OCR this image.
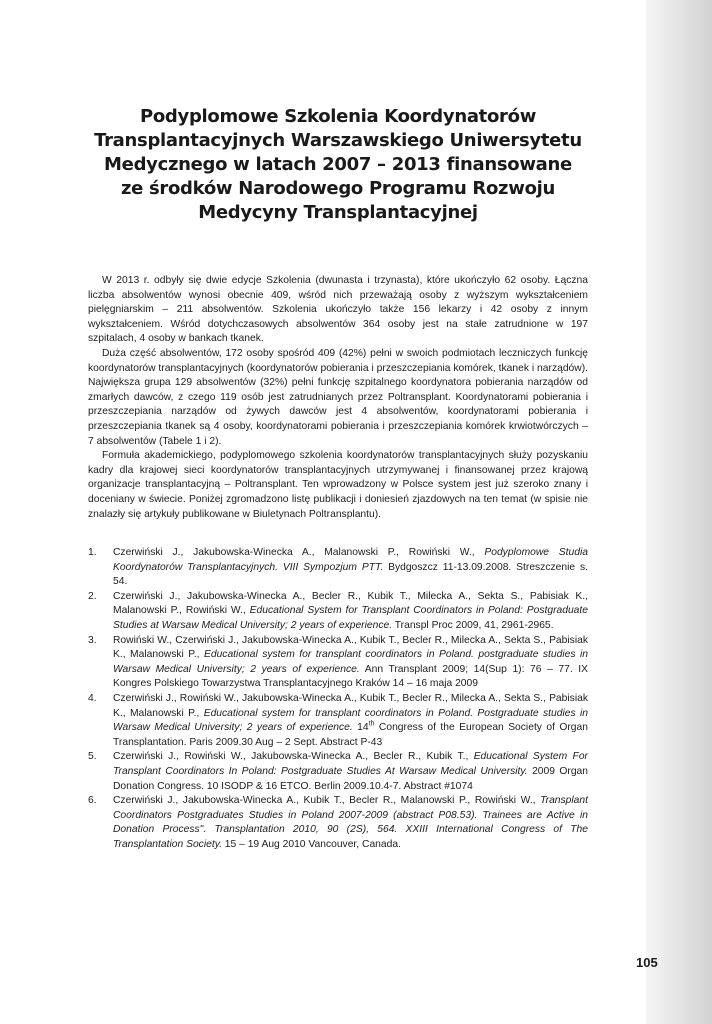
Podyplomowe Szkolenia Koordynatorów
Transplantacyjnych Warszawskiego Uniwersytetu
Medycznego w latach 2007 – 2013 finansowane
ze środków Narodowego Programu Rozwoju
Medycyny Transplantacyjnej

W 2013 r. odbyły się dwie edycje Szkolenia (dwunasta i trzynasta), które ukończyło 62 osoby. Łączna liczba absolwentów wynosi obecnie 409, wśród nich przeważają osoby z wyższym wykształceniem pielęgniarskim – 211 absolwentów. Szkolenia ukończyło także 156 lekarzy i 42 osoby z innym wykształceniem. Wśród dotychczasowych absolwentów 364 osoby jest na stałe zatrudnione w 197 szpitalach, 4 osoby w bankach tkanek.

Duża część absolwentów, 172 osoby spośród 409 (42%) pełni w swoich podmiotach leczniczych funkcję koordynatorów transplantacyjnych (koordynatorów pobierania i przeszczepiania komórek, tkanek i narządów). Największa grupa 129 absolwentów (32%) pełni funkcję szpitalnego koordynatora pobierania narządów od zmarłych dawców, z czego 119 osób jest zatrudnianych przez Poltransplant. Koordynatorami pobierania i przeszczepiania narządów od żywych dawców jest 4 absolwentów, koordynatorami pobierania i przeszczepiania tkanek są 4 osoby, koordynatorami pobierania i przeszczepiania komórek krwiotwórczych – 7 absolwentów (Tabele 1 i 2).

Formuła akademickiego, podyplomowego szkolenia koordynatorów transplantacyjnych służy pozyskaniu kadry dla krajowej sieci koordynatorów transplantacyjnych utrzymywanej i finansowanej przez krajową organizacje transplantacyjną – Poltransplant. Ten wprowadzony w Polsce system jest już szeroko znany i doceniany w świecie. Poniżej zgromadzono listę publikacji i doniesień zjazdowych na ten temat (w spisie nie znalazły się artykuły publikowane w Biuletynach Poltransplantu).

1. Czerwiński J., Jakubowska-Winecka A., Malanowski P., Rowiński W., Podyplomowe Studia Koordynatorów Transplantacyjnych. VIII Sympozjum PTT. Bydgoszcz 11-13.09.2008. Streszczenie s. 54.
2. Czerwiński J., Jakubowska-Winecka A., Becler R., Kubik T., Milecka A., Sekta S., Pabisiak K., Malanowski P., Rowiński W., Educational System for Transplant Coordinators in Poland: Postgraduate Studies at Warsaw Medical University; 2 years of experience. Transpl Proc 2009, 41, 2961-2965.
3. Rowiński W., Czerwiński J., Jakubowska-Winecka A., Kubik T., Becler R., Milecka A., Sekta S., Pabisiak K., Malanowski P., Educational system for transplant coordinators in Poland. postgraduate studies in Warsaw Medical University; 2 years of experience. Ann Transplant 2009; 14(Sup 1): 76 – 77. IX Kongres Polskiego Towarzystwa Transplantacyjnego Kraków 14 – 16 maja 2009
4. Czerwiński J., Rowiński W., Jakubowska-Winecka A., Kubik T., Becler R., Milecka A., Sekta S., Pabisiak K., Malanowski P., Educational system for transplant coordinators in Poland. Postgraduate studies in Warsaw Medical University; 2 years of experience. 14th Congress of the European Society of Organ Transplantation. Paris 2009.30 Aug – 2 Sept. Abstract P-43
5. Czerwiński J., Rowiński W., Jakubowska-Winecka A., Becler R., Kubik T., Educational System For Transplant Coordinators In Poland: Postgraduate Studies At Warsaw Medical University. 2009 Organ Donation Congress. 10 ISODP & 16 ETCO. Berlin 2009.10.4-7. Abstract #1074
6. Czerwiński J., Jakubowska-Winecka A., Kubik T., Becler R., Malanowski P., Rowiński W., Transplant Coordinators Postgraduates Studies in Poland 2007-2009 (abstract P08.53). Trainees are Active in Donation Process". Transplantation 2010, 90 (2S), 564. XXIII International Congress of The Transplantation Society. 15 – 19 Aug 2010 Vancouver, Canada.
105
